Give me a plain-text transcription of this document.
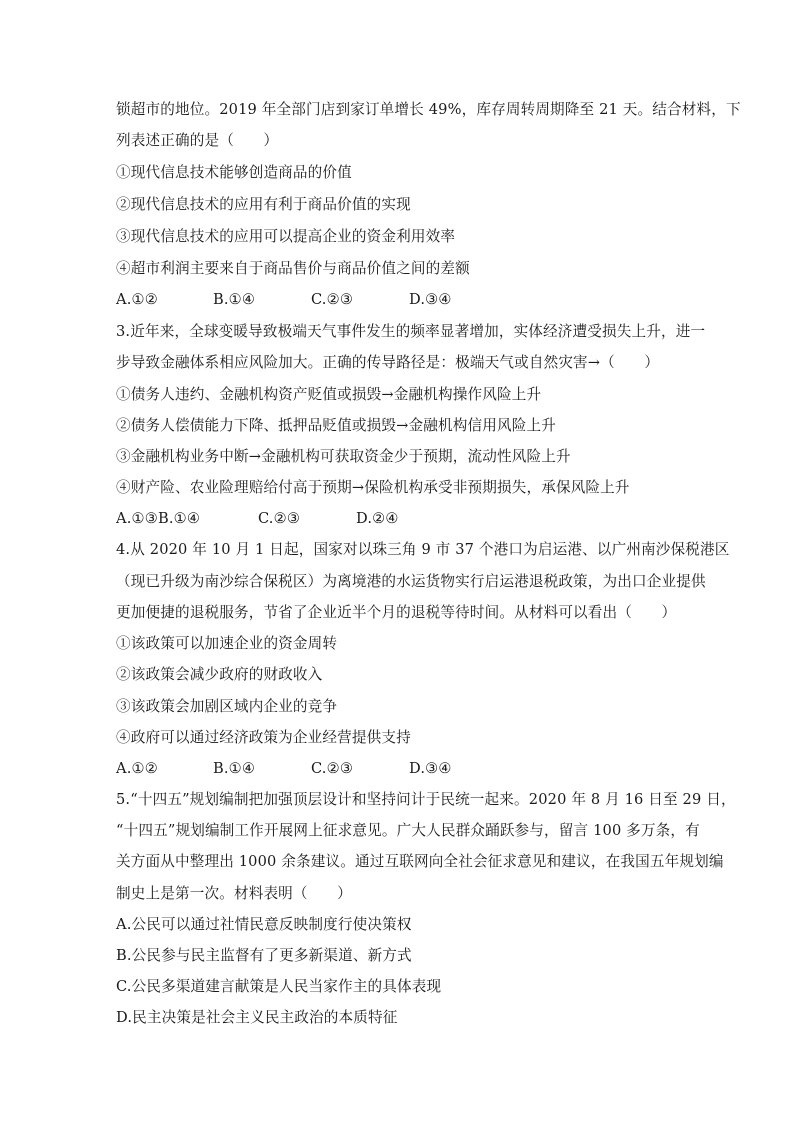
锁超市的地位。2019 年全部门店到家订单增长 49%，库存周转周期降至 21 天。结合材料，下
列表述正确的是（　　）
①现代信息技术能够创造商品的价值
②现代信息技术的应用有利于商品价值的实现
③现代信息技术的应用可以提高企业的资金利用效率
④超市利润主要来自于商品售价与商品价值之间的差额
A.①②	B.①④	C.②③	D.③④
3.近年来，全球变暖导致极端天气事件发生的频率显著增加，实体经济遭受损失上升，进一
步导致金融体系相应风险加大。正确的传导路径是：极端天气或自然灾害→（　　）
①债务人违约、金融机构资产贬值或损毁→金融机构操作风险上升
②债务人偿债能力下降、抵押品贬值或损毁→金融机构信用风险上升
③金融机构业务中断→金融机构可获取资金少于预期，流动性风险上升
④财产险、农业险理赔给付高于预期→保险机构承受非预期损失，承保风险上升
A.①③B.①④	C.②③	D.②④
4.从 2020 年 10 月 1 日起，国家对以珠三角 9 市 37 个港口为启运港、以广州南沙保税港区
（现已升级为南沙综合保税区）为离境港的水运货物实行启运港退税政策，为出口企业提供
更加便捷的退税服务，节省了企业近半个月的退税等待时间。从材料可以看出（　　）
①该政策可以加速企业的资金周转
②该政策会减少政府的财政收入
③该政策会加剧区域内企业的竞争
④政府可以通过经济政策为企业经营提供支持
A.①②	B.①④	C.②③	D.③④
5.“十四五”规划编制把加强顶层设计和坚持问计于民统一起来。2020 年 8 月 16 日至 29 日，
“十四五”规划编制工作开展网上征求意见。广大人民群众踊跃参与，留言 100 多万条，有
关方面从中整理出 1000 余条建议。通过互联网向全社会征求意见和建议，在我国五年规划编
制史上是第一次。材料表明（　　）
A.公民可以通过社情民意反映制度行使决策权
B.公民参与民主监督有了更多新渠道、新方式
C.公民多渠道建言献策是人民当家作主的具体表现
D.民主决策是社会主义民主政治的本质特征
